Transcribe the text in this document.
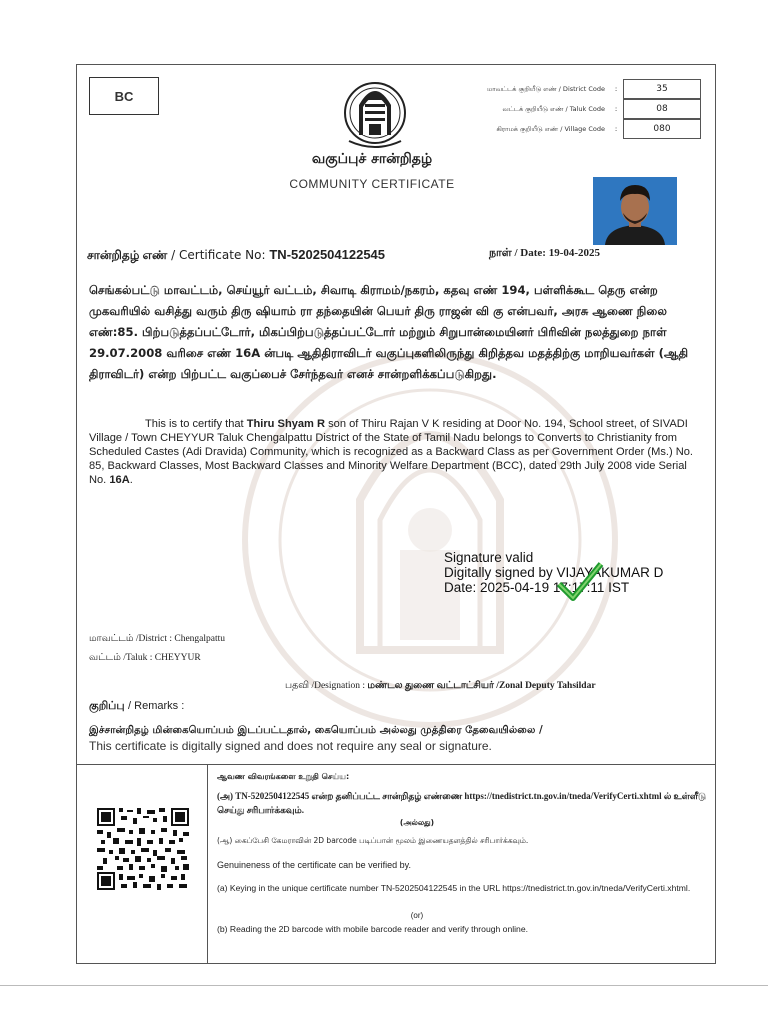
BC	மாவட்டக் குறியீடு எண் / District Code	:	35
வட்டக் குறியீடு எண் / Taluk Code	:	08
கிராமக் குறியீடு எண் / Village Code	:	080
வகுப்புச் சான்றிதழ்
COMMUNITY CERTIFICATE
சான்றிதழ் எண் / Certificate No: TN-5202504122545	நாள் / Date: 19-04-2025
செங்கல்பட்டு மாவட்டம், செய்யூர் வட்டம், சிவாடி கிராமம்/நகரம், கதவு எண் 194, பள்ளிக்கூட தெரு என்ற முகவரியில் வசித்து வரும் திரு ஷியாம் ரா தந்தையின் பெயர் திரு ராஜன் வி கு என்பவர், அரசு ஆணை நிலை எண்:85. பிற்படுத்தப்பட்டோர், மிகப்பிற்படுத்தப்பட்டோர் மற்றும் சிறுபான்மையினர் பிரிவின் நலத்துறை நாள் 29.07.2008 வரிசை எண் 16A ன்படி ஆதிதிராவிடர் வகுப்புகளிலிருந்து கிறித்தவ மதத்திற்கு மாறியவர்கள் (ஆதி திராவிடர்) என்ற பிற்பட்ட வகுப்பைச் சேர்ந்தவர் எனச் சான்றளிக்கப்படுகிறது.
This is to certify that Thiru Shyam R son of Thiru Rajan V K residing at Door No. 194, School street, of SIVADI Village / Town CHEYYUR Taluk Chengalpattu District of the State of Tamil Nadu belongs to Converts to Christianity from Scheduled Castes (Adi Dravida) Community, which is recognized as a Backward Class as per Government Order (Ms.) No. 85, Backward Classes, Most Backward Classes and Minority Welfare Department (BCC), dated 29th July 2008 vide Serial No. 16A.
Signature valid
Digitally signed by VIJAYAKUMAR D
Date: 2025-04-19 17:17:11 IST
மாவட்டம் /District : Chengalpattu
வட்டம் /Taluk : CHEYYUR
பதவி /Designation : மண்டல துணை வட்டாட்சியர் /Zonal Deputy Tahsildar
குறிப்பு / Remarks :
இச்சான்றிதழ் மின்கையொப்பம் இடப்பட்டதால், கையொப்பம் அல்லது முத்திரை தேவையில்லை /
This certificate is digitally signed and does not require any seal or signature.
ஆவண விவரங்களை உறுதி செய்ய:
(அ) TN-5202504122545 என்ற தனிப்பட்ட சான்றிதழ் எண்ணை https://tnedistrict.tn.gov.in/tneda/VerifyCerti.xhtml ல் உள்ளீடு செய்து சரிபார்க்கவும்.
(அல்லது)
(ஆ) கைப்பேசி கேமராவின் 2D barcode படிப்பான் மூலம் இணையதளத்தில் சரிபார்க்கவும்.
Genuineness of the certificate can be verified by.
(a) Keying in the unique certificate number TN-5202504122545 in the URL https://tnedistrict.tn.gov.in/tneda/VerifyCerti.xhtml.
(or)
(b) Reading the 2D barcode with mobile barcode reader and verify through online.
